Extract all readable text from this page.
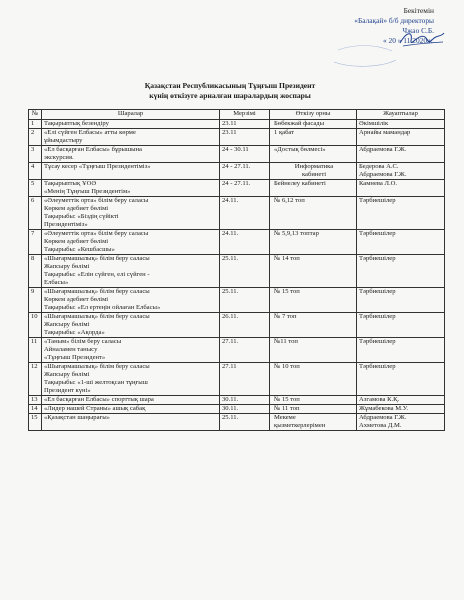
Бекітемін
«Балақай» б/б директоры
Чжао С.Б.
« 20 » 11 2020ж.
Қазақстан Республикасының Тұңғыш Президент
күнің өткізуге арналған шаралардың жоспары
№	Шаралар	Мерзімі	Өткізу орны	Жауаптылар
1	Тақырыптық безендіру	23.11	Бөбекжай фасады	Әкімшілік

2	«Елі сүйген Елбасы» атты көрме
ұйымдастыру	23.11	1 қабат	Арнайы мамандар

3	«Ел басқарған Елбасы» бұрышына
экскурсия.	24 - 30.11	«Достық бөлмесі»	Абдраемова Г.Ж.

4	Тұсау кесер «Тұңғыш Президентіміз»	24 - 27.11.	Информатика
кабинеті	Бедерова А.С.
Абдраемова Г.Ж.

5	Тақырыптық ҰОӘ
«Менің Тұңғыш Президентім»	24 - 27.11.	Бейнелеу кабинеті	Камнева Л.О.

6	«Әлеуметтік орта» білім беру саласы
Көркем әдебиет бөлімі
Тақырыбы: «Біздің сүйікті
Президентіміз»	24.11.	№ 6,12 топ	Тәрбиешілер

7	«Әлеуметтік орта» білім беру саласы
Көркем әдебиет бөлімі
Тақырыбы: «Кешбасшы»	24.11.	№ 5,9,13 топтар	Тәрбиешілер

8	«Шығармашылық» білім беру саласы
Жапсыру бөлімі
Тақырыбы: «Елін сүйген, елі сүйген -
Елбасы»	25.11.	№ 14 топ	Тәрбиешілер

9	«Шығармашылық» білім беру саласы
Көркем әдебиет бөлімі
Тақырыбы: «Ел ертеңін ойлаған Елбасы»	25.11.	№ 15 топ	Тәрбиешілер

10	«Шығармашылық» білім беру саласы
Жапсыру бөлімі
Тақырыбы: «Ақорда»	26.11.	№ 7 топ	Тәрбиешілер

11	«Таным» білім беру саласы
Айналамен таныcу
«Тұңғыш Президент»	27.11.	№11 топ	Тәрбиешілер

12	«Шығармашылық» білім беру саласы
Жапсыру бөлімі
Тақырыбы: «1-ші желтоқсан тұңғыш
Президент күні»	27.11	№ 10 топ	Тәрбиешілер

13	«Ел басқарған Елбасы» спорттық шара	30.11.	№ 15 топ	Азгамова К.Қ.

14	«Лидер нашей Страны» ашық сабақ	30.11.	№ 11 топ	Жұмабекова М.У.

15	«Қазақстан шаңырағы»	25.11.	Мекеме
қызметкерлерімен	Абдраемова Г.Ж.
Ахметова Д.М.
